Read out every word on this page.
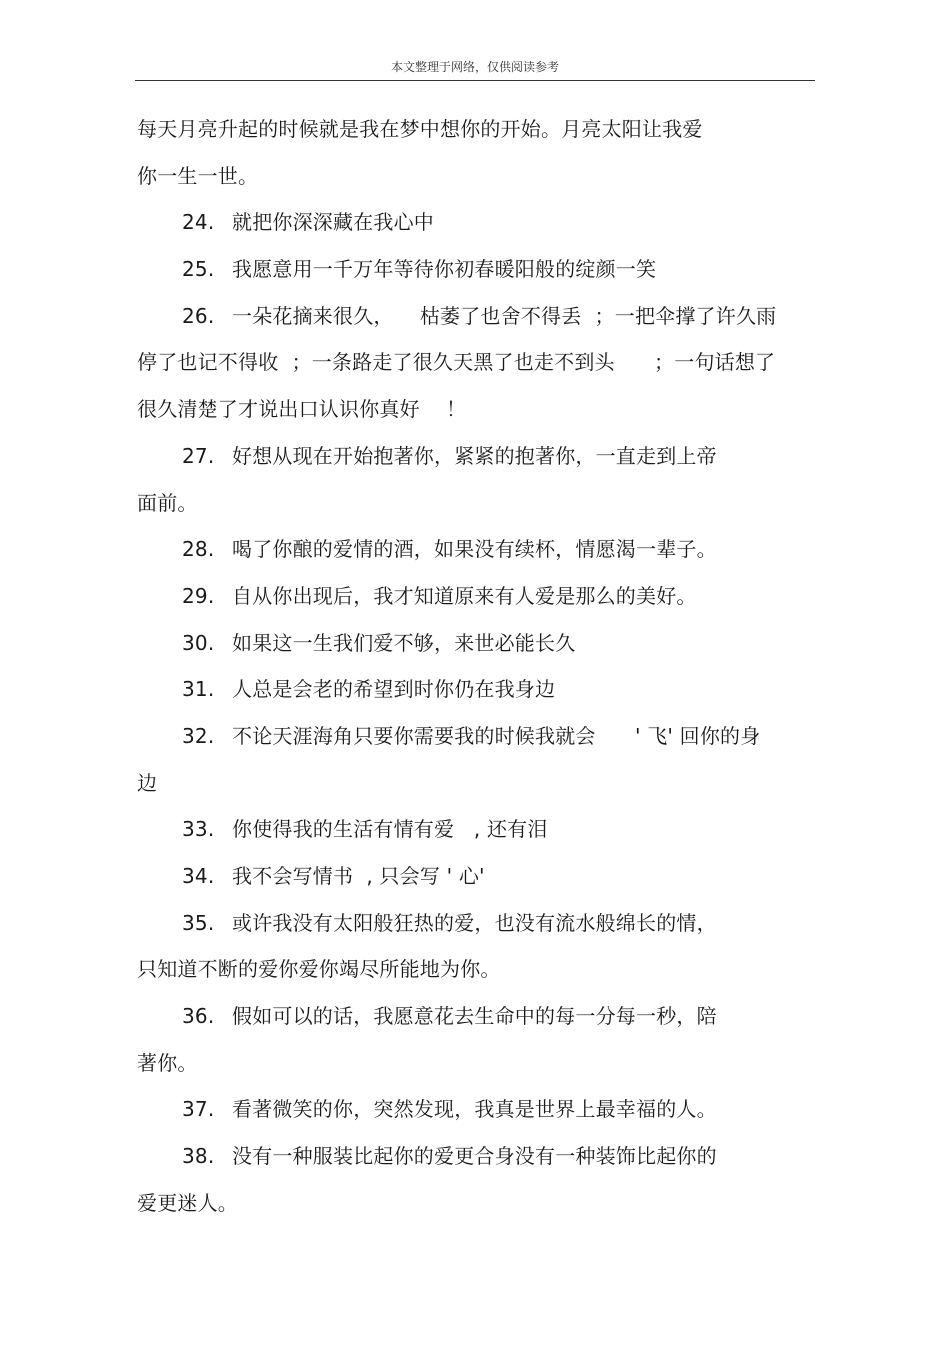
本文整理于网络，仅供阅读参考
每天月亮升起的时候就是我在梦中想你的开始。月亮太阳让我爱
你一生一世。
24. 就把你深深藏在我心中
25. 我愿意用一千万年等待你初春暖阳般的绽颜一笑
26. 一朵花摘来很久，    枯萎了也舍不得丢  ；一把伞撑了许久雨
停了也记不得收  ；一条路走了很久天黑了也走不到头      ；一句话想了
很久清楚了才说出口认识你真好    ！
27. 好想从现在开始抱著你，紧紧的抱著你，一直走到上帝
面前。
28. 喝了你酿的爱情的酒，如果没有续杯，情愿渴一辈子。
29. 自从你出现后，我才知道原来有人爱是那么的美好。
30. 如果这一生我们爱不够，来世必能长久
31. 人总是会老的希望到时你仍在我身边
32. 不论天涯海角只要你需要我的时候我就会      ' 飞' 回你的身
边
33. 你使得我的生活有情有爱   , 还有泪
34. 我不会写情书  , 只会写 ' 心'
35. 或许我没有太阳般狂热的爱，也没有流水般绵长的情，
只知道不断的爱你爱你竭尽所能地为你。
36. 假如可以的话，我愿意花去生命中的每一分每一秒，陪
著你。
37. 看著微笑的你，突然发现，我真是世界上最幸福的人。
38. 没有一种服装比起你的爱更合身没有一种装饰比起你的
爱更迷人。
